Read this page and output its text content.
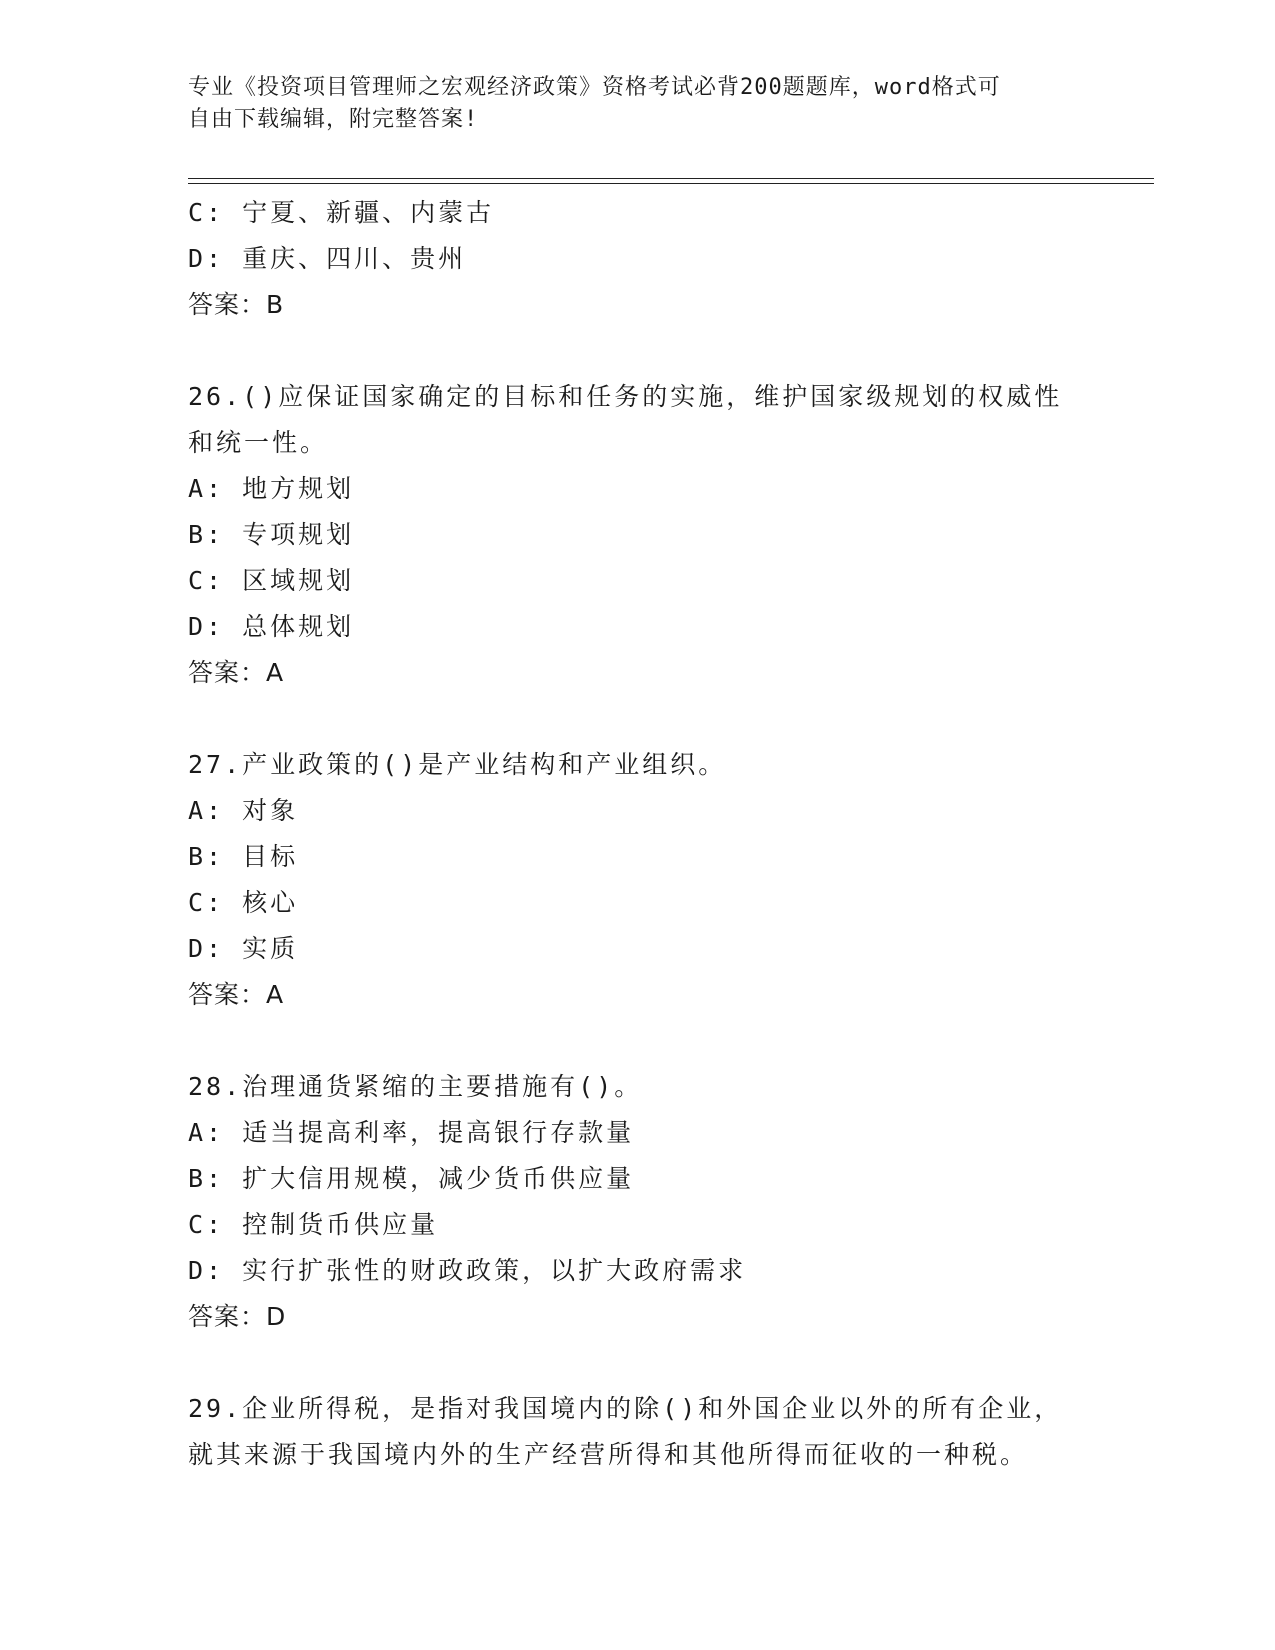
专业《投资项目管理师之宏观经济政策》资格考试必背200题题库，word格式可
自由下载编辑，附完整答案!
C: 宁夏、新疆、内蒙古
D: 重庆、四川、贵州
答案：B
26.()应保证国家确定的目标和任务的实施，维护国家级规划的权威性
和统一性。
A: 地方规划
B: 专项规划
C: 区域规划
D: 总体规划
答案：A
27.产业政策的()是产业结构和产业组织。
A: 对象
B: 目标
C: 核心
D: 实质
答案：A
28.治理通货紧缩的主要措施有()。
A: 适当提高利率，提高银行存款量
B: 扩大信用规模，减少货币供应量
C: 控制货币供应量
D: 实行扩张性的财政政策，以扩大政府需求
答案：D
29.企业所得税，是指对我国境内的除()和外国企业以外的所有企业，
就其来源于我国境内外的生产经营所得和其他所得而征收的一种税。
